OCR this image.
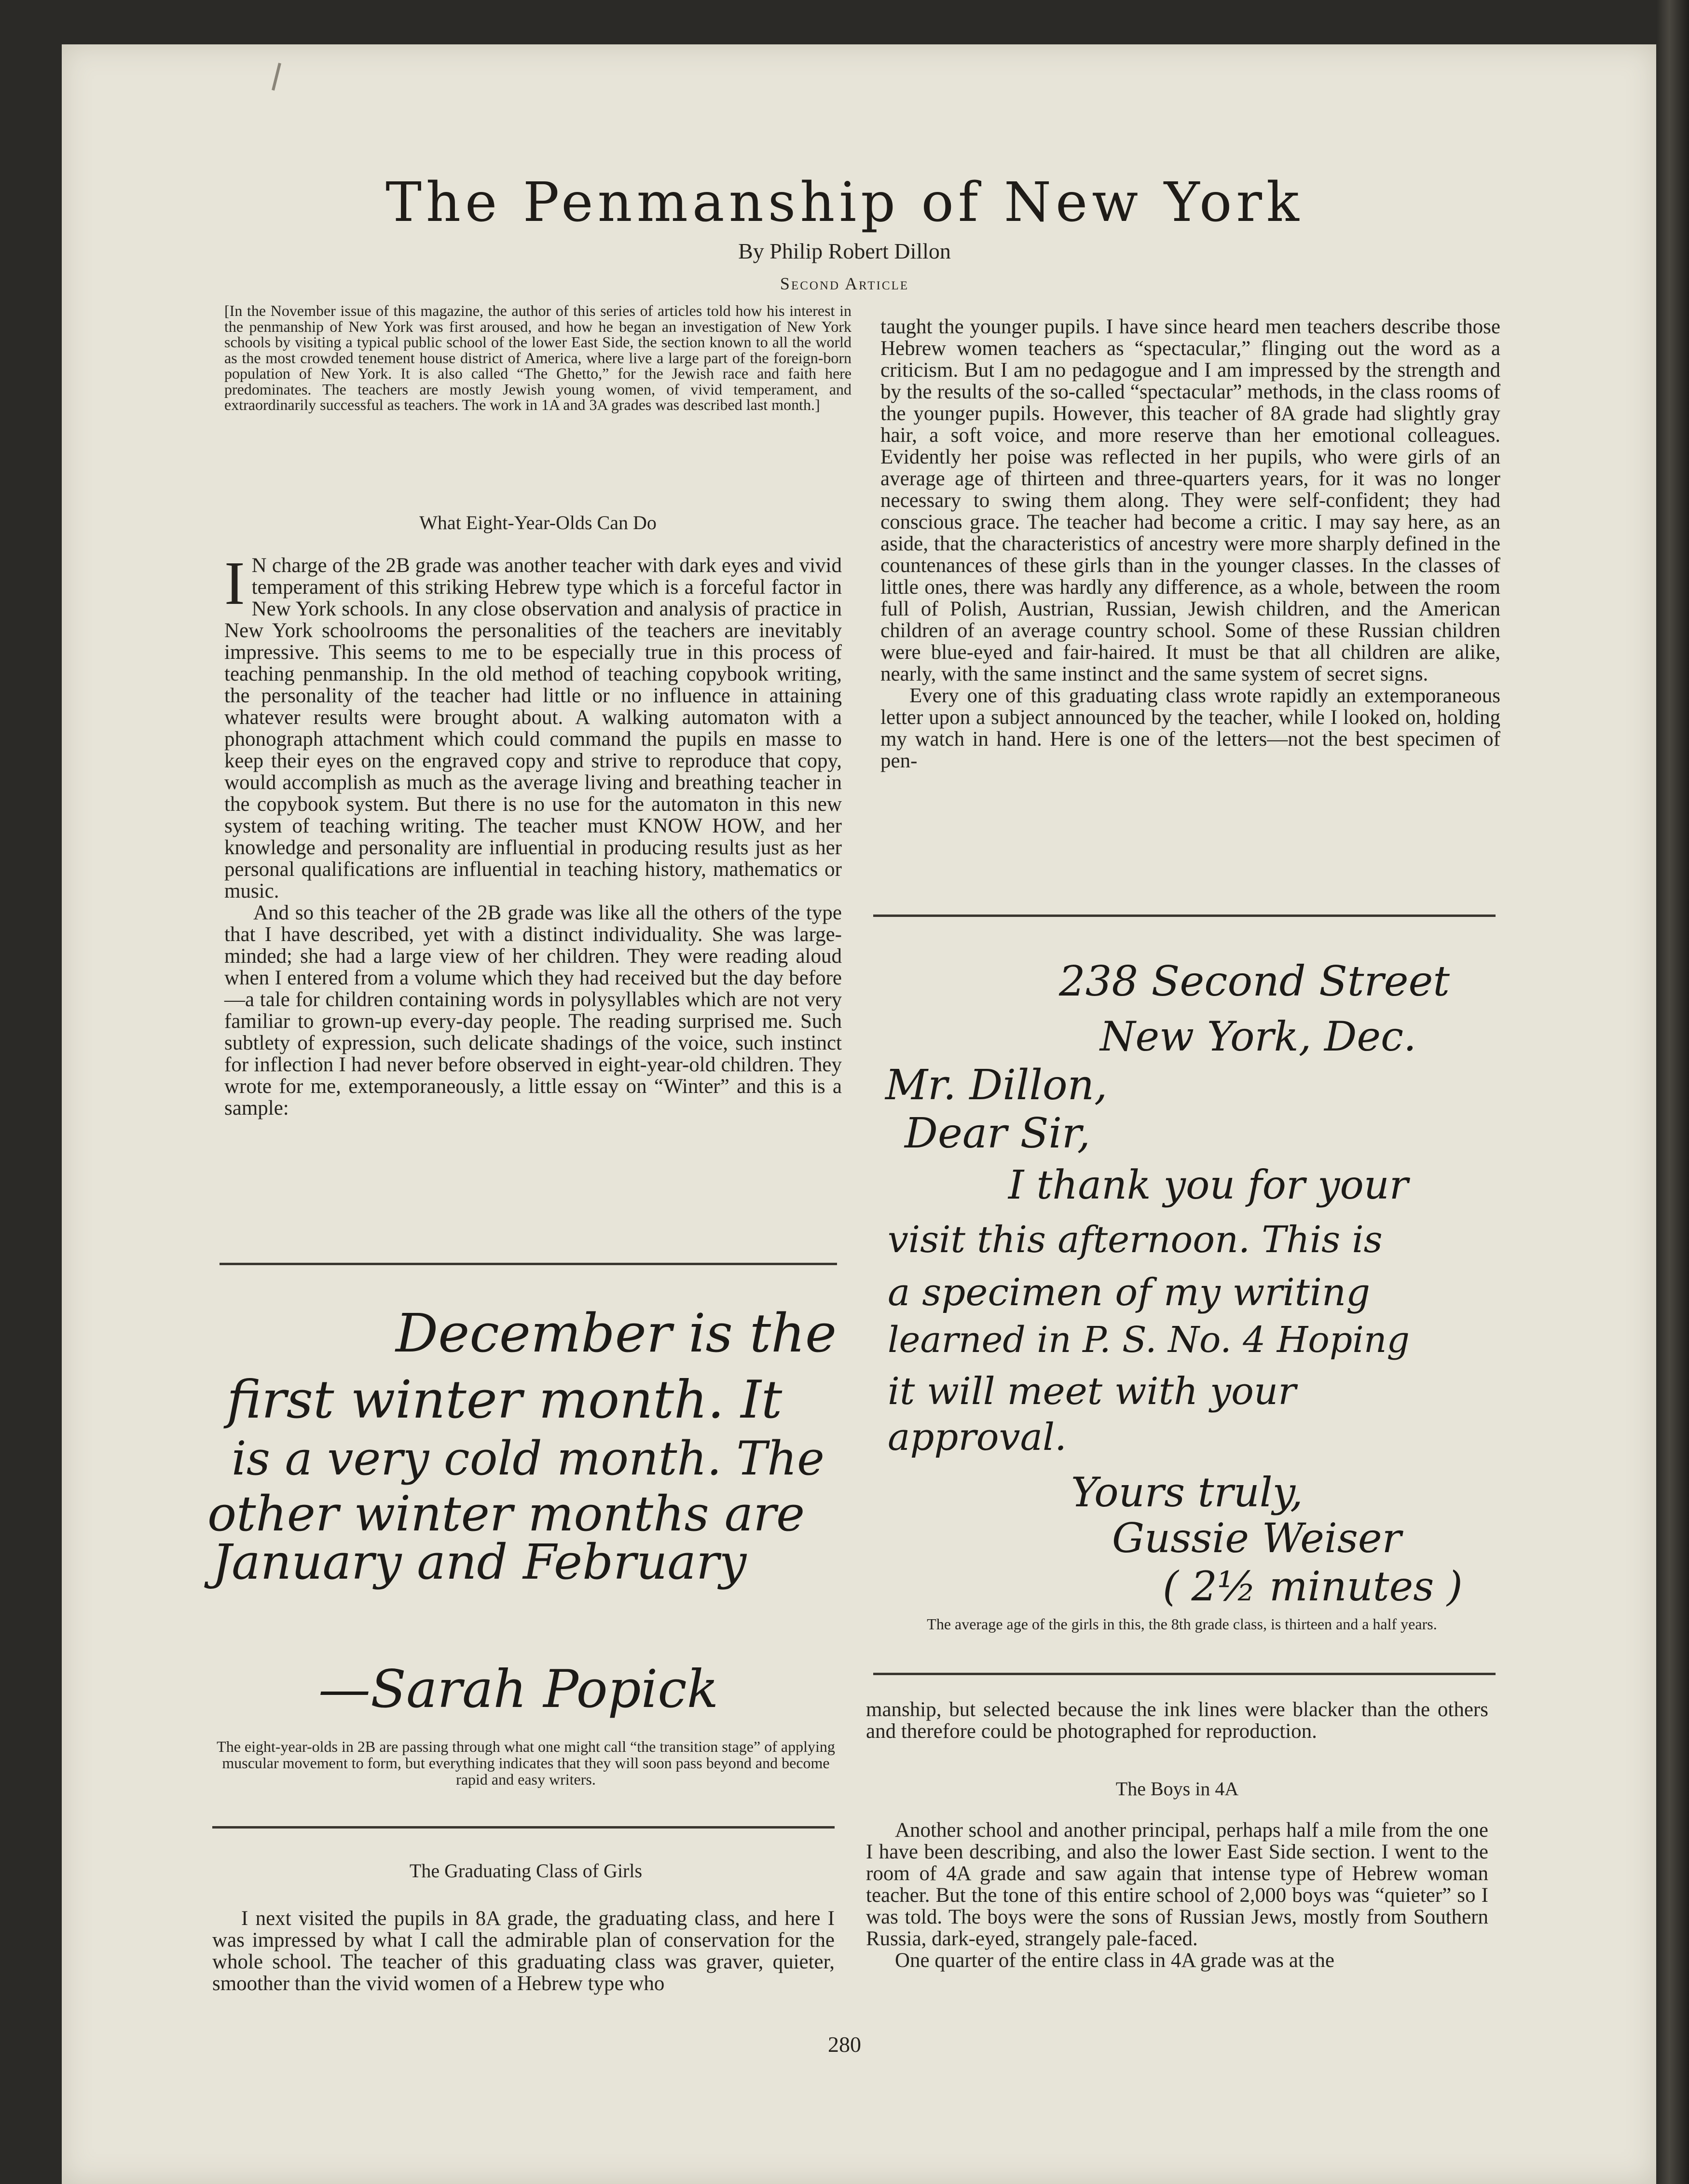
The Penmanship of New York
By Philip Robert Dillon
Second Article
[In the November issue of this magazine, the author of this series of articles told how his interest in the penmanship of New York was first aroused, and how he began an investigation of New York schools by visiting a typical public school of the lower East Side, the section known to all the world as the most crowded tenement house district of America, where live a large part of the foreign-born population of New York. It is also called “The Ghetto,” for the Jewish race and faith here predominates. The teachers are mostly Jewish young women, of vivid temperament, and extraordinarily successful as teachers. The work in 1A and 3A grades was described last month.]
What Eight-Year-Olds Can Do

I N charge of the 2B grade was another teacher with dark eyes and vivid temperament of this striking Hebrew type which is a forceful factor in New York schools. In any close observation and analysis of practice in New York schoolrooms the personalities of the teachers are inevitably impressive. This seems to me to be especially true in this process of teaching penmanship. In the old method of teaching copybook writing, the personality of the teacher had little or no influence in attaining whatever results were brought about. A walking automaton with a phonograph attachment which could command the pupils en masse to keep their eyes on the engraved copy and strive to reproduce that copy, would accomplish as much as the average living and breathing teacher in the copybook system. But there is no use for the automaton in this new system of teaching writing. The teacher must KNOW HOW, and her knowledge and personality are influential in producing results just as her personal qualifications are influential in teaching history, mathematics or music.

And so this teacher of the 2B grade was like all the others of the type that I have described, yet with a distinct individuality. She was large-minded; she had a large view of her children. They were reading aloud when I entered from a volume which they had received but the day before—a tale for children containing words in polysyllables which are not very familiar to grown-up every-day people. The reading surprised me. Such subtlety of expression, such delicate shadings of the voice, such instinct for inflection I had never before observed in eight-year-old children. They wrote for me, extemporaneously, a little essay on “Winter” and this is a sample:

December is the
first winter month. It
is a very cold month. The
other winter months are
January and February
—Sarah Popick
The eight-year-olds in 2B are passing through what one might call “the transition stage” of applying muscular movement to form, but everything indicates that they will soon pass beyond and become rapid and easy writers.
The Graduating Class of Girls

I next visited the pupils in 8A grade, the graduating class, and here I was impressed by what I call the admirable plan of conservation for the whole school. The teacher of this graduating class was graver, quieter, smoother than the vivid women of a Hebrew type who

taught the younger pupils. I have since heard men teachers describe those Hebrew women teachers as “spectacular,” flinging out the word as a criticism. But I am no pedagogue and I am impressed by the strength and by the results of the so-called “spectacular” methods, in the class rooms of the younger pupils. However, this teacher of 8A grade had slightly gray hair, a soft voice, and more reserve than her emotional colleagues. Evidently her poise was reflected in her pupils, who were girls of an average age of thirteen and three-quarters years, for it was no longer necessary to swing them along. They were self-confident; they had conscious grace. The teacher had become a critic. I may say here, as an aside, that the characteristics of ancestry were more sharply defined in the countenances of these girls than in the younger classes. In the classes of little ones, there was hardly any difference, as a whole, between the room full of Polish, Austrian, Russian, Jewish children, and the American children of an average country school. Some of these Russian children were blue-eyed and fair-haired. It must be that all children are alike, nearly, with the same instinct and the same system of secret signs.

Every one of this graduating class wrote rapidly an extemporaneous letter upon a subject announced by the teacher, while I looked on, holding my watch in hand. Here is one of the letters—not the best specimen of pen-

238 Second Street
New York, Dec.
Mr. Dillon,
Dear Sir,
I thank you for your
visit this afternoon. This is
a specimen of my writing
learned in P. S. No. 4 Hoping
it will meet with your
approval.
Yours truly,
Gussie Weiser
( 2½ minutes )
The average age of the girls in this, the 8th grade class, is thirteen and a half years.

manship, but selected because the ink lines were blacker than the others and therefore could be photographed for reproduction.

The Boys in 4A

Another school and another principal, perhaps half a mile from the one I have been describing, and also the lower East Side section. I went to the room of 4A grade and saw again that intense type of Hebrew woman teacher. But the tone of this entire school of 2,000 boys was “quieter” so I was told. The boys were the sons of Russian Jews, mostly from Southern Russia, dark-eyed, strangely pale-faced.

One quarter of the entire class in 4A grade was at the

280
